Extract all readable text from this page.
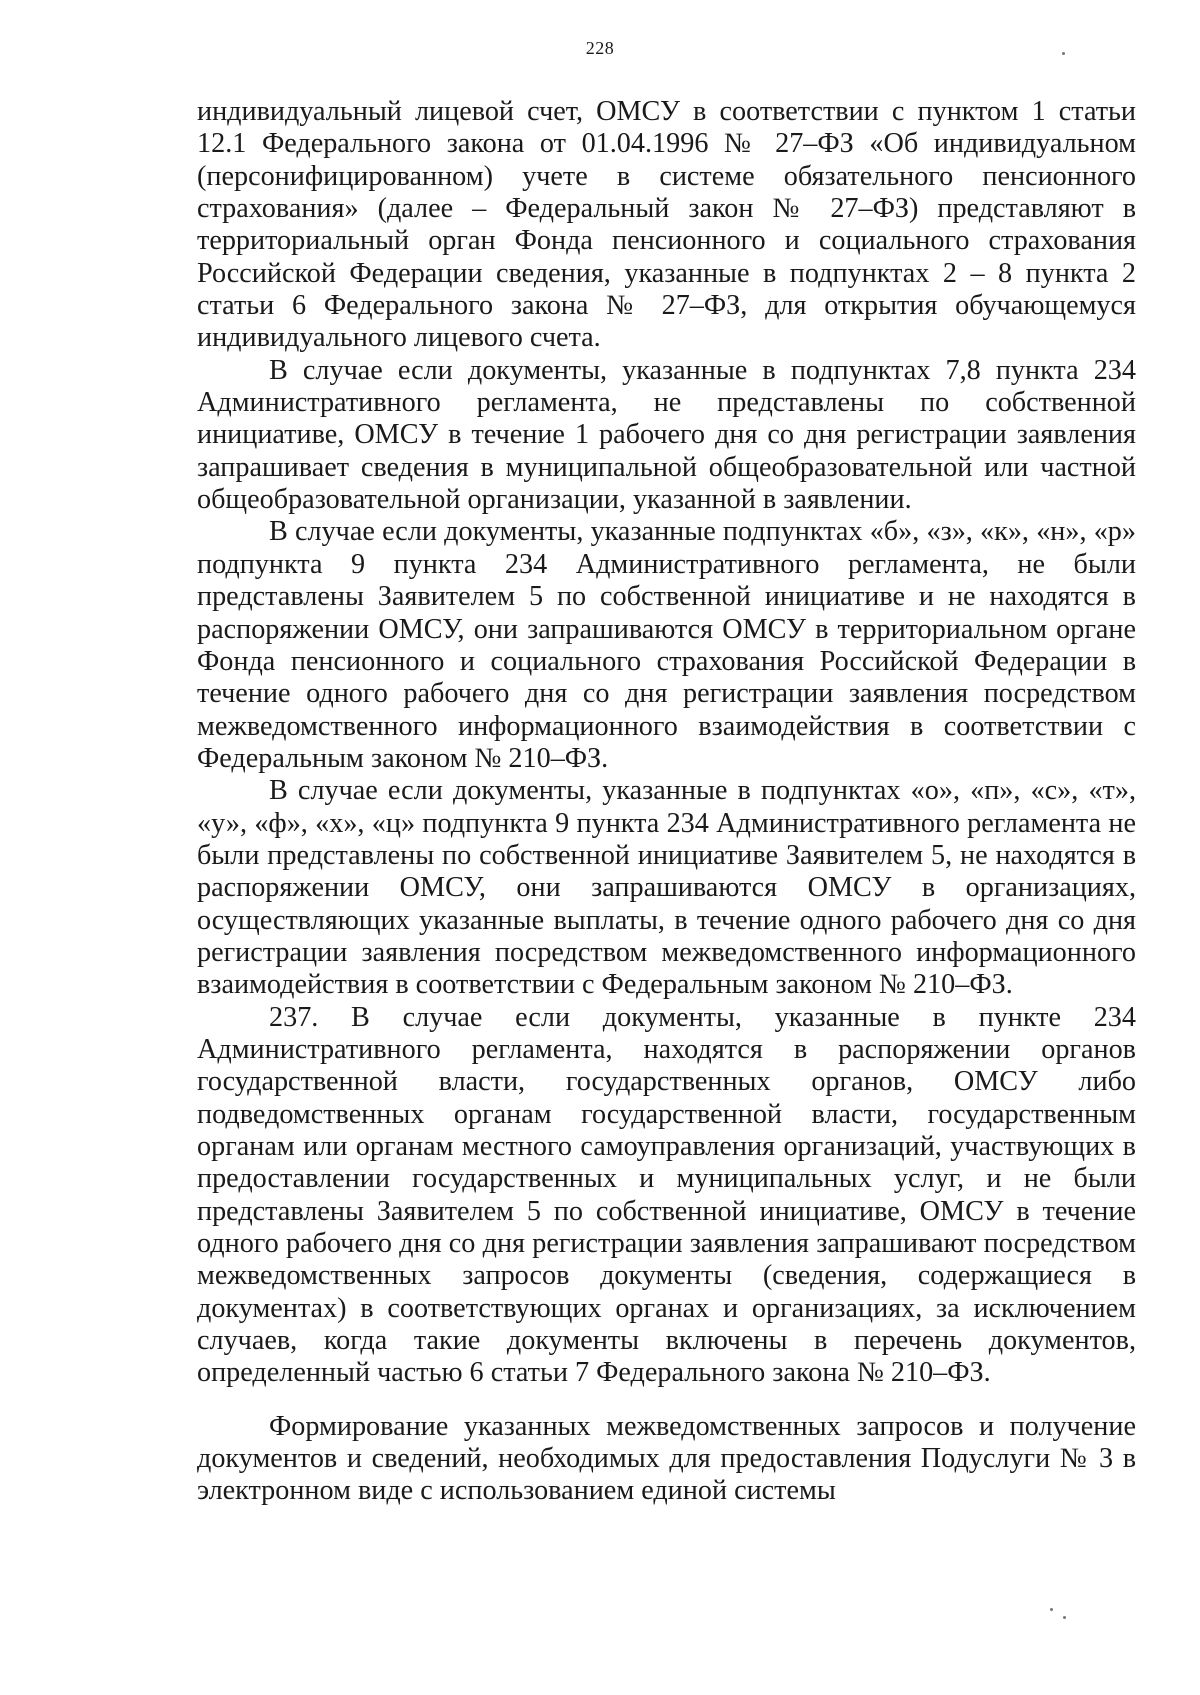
228

индивидуальный лицевой счет, ОМСУ в соответствии с пунктом 1 статьи 12.1 Федерального закона от 01.04.1996 № 27–ФЗ «Об индивидуальном (персонифицированном) учете в системе обязательного пенсионного страхования» (далее – Федеральный закон № 27–ФЗ) представляют в территориальный орган Фонда пенсионного и социального страхования Российской Федерации сведения, указанные в подпунктах 2 – 8 пункта 2 статьи 6 Федерального закона № 27–ФЗ, для открытия обучающемуся индивидуального лицевого счета.

В случае если документы, указанные в подпунктах 7,8 пункта 234 Административного регламента, не представлены по собственной инициативе, ОМСУ в течение 1 рабочего дня со дня регистрации заявления запрашивает сведения в муниципальной общеобразовательной или частной общеобразовательной организации, указанной в заявлении.

В случае если документы, указанные подпунктах «б», «з», «к», «н», «р» подпункта 9 пункта 234 Административного регламента, не были представлены Заявителем 5 по собственной инициативе и не находятся в распоряжении ОМСУ, они запрашиваются ОМСУ в территориальном органе Фонда пенсионного и социального страхования Российской Федерации в течение одного рабочего дня со дня регистрации заявления посредством межведомственного информационного взаимодействия в соответствии с Федеральным законом № 210–ФЗ.

В случае если документы, указанные в подпунктах «о», «п», «с», «т», «у», «ф», «х», «ц» подпункта 9 пункта 234 Административного регламента не были представлены по собственной инициативе Заявителем 5, не находятся в распоряжении ОМСУ, они запрашиваются ОМСУ в организациях, осуществляющих указанные выплаты, в течение одного рабочего дня со дня регистрации заявления посредством межведомственного информационного взаимодействия в соответствии с Федеральным законом № 210–ФЗ.

237. В случае если документы, указанные в пункте 234 Административного регламента, находятся в распоряжении органов государственной власти, государственных органов, ОМСУ либо подведомственных органам государственной власти, государственным органам или органам местного самоуправления организаций, участвующих в предоставлении государственных и муниципальных услуг, и не были представлены Заявителем 5 по собственной инициативе, ОМСУ в течение одного рабочего дня со дня регистрации заявления запрашивают посредством межведомственных запросов документы (сведения, содержащиеся в документах) в соответствующих органах и организациях, за исключением случаев, когда такие документы включены в перечень документов, определенный частью 6 статьи 7 Федерального закона № 210–ФЗ.

Формирование указанных межведомственных запросов и получение документов и сведений, необходимых для предоставления Подуслуги № 3 в электронном виде с использованием единой системы
